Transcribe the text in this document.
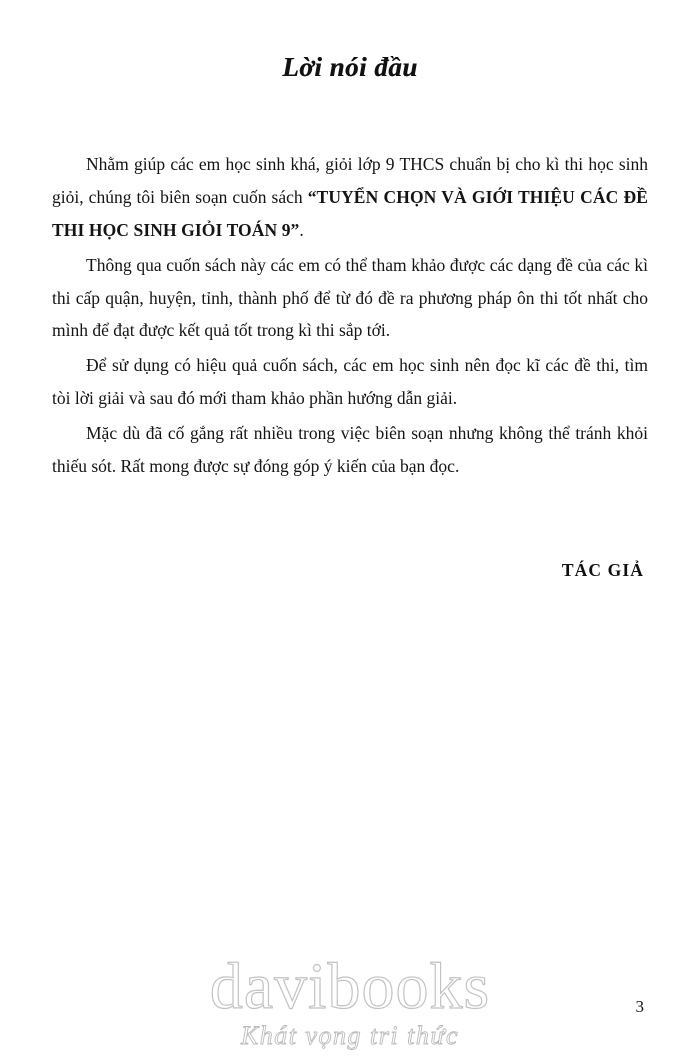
Lời nói đầu

Nhằm giúp các em học sinh khá, giỏi lớp 9 THCS chuẩn bị cho kì thi học sinh giỏi, chúng tôi biên soạn cuốn sách “TUYỂN CHỌN VÀ GIỚI THIỆU CÁC ĐỀ THI HỌC SINH GIỎI TOÁN 9”.

Thông qua cuốn sách này các em có thể tham khảo được các dạng đề của các kì thi cấp quận, huyện, tỉnh, thành phố để từ đó đề ra phương pháp ôn thi tốt nhất cho mình để đạt được kết quả tốt trong kì thi sắp tới.

Để sử dụng có hiệu quả cuốn sách, các em học sinh nên đọc kĩ các đề thi, tìm tòi lời giải và sau đó mới tham khảo phần hướng dẫn giải.

Mặc dù đã cố gắng rất nhiều trong việc biên soạn nhưng không thể tránh khỏi thiếu sót. Rất mong được sự đóng góp ý kiến của bạn đọc.

TÁC GIẢ
3
davibooks
Khát vọng tri thức
